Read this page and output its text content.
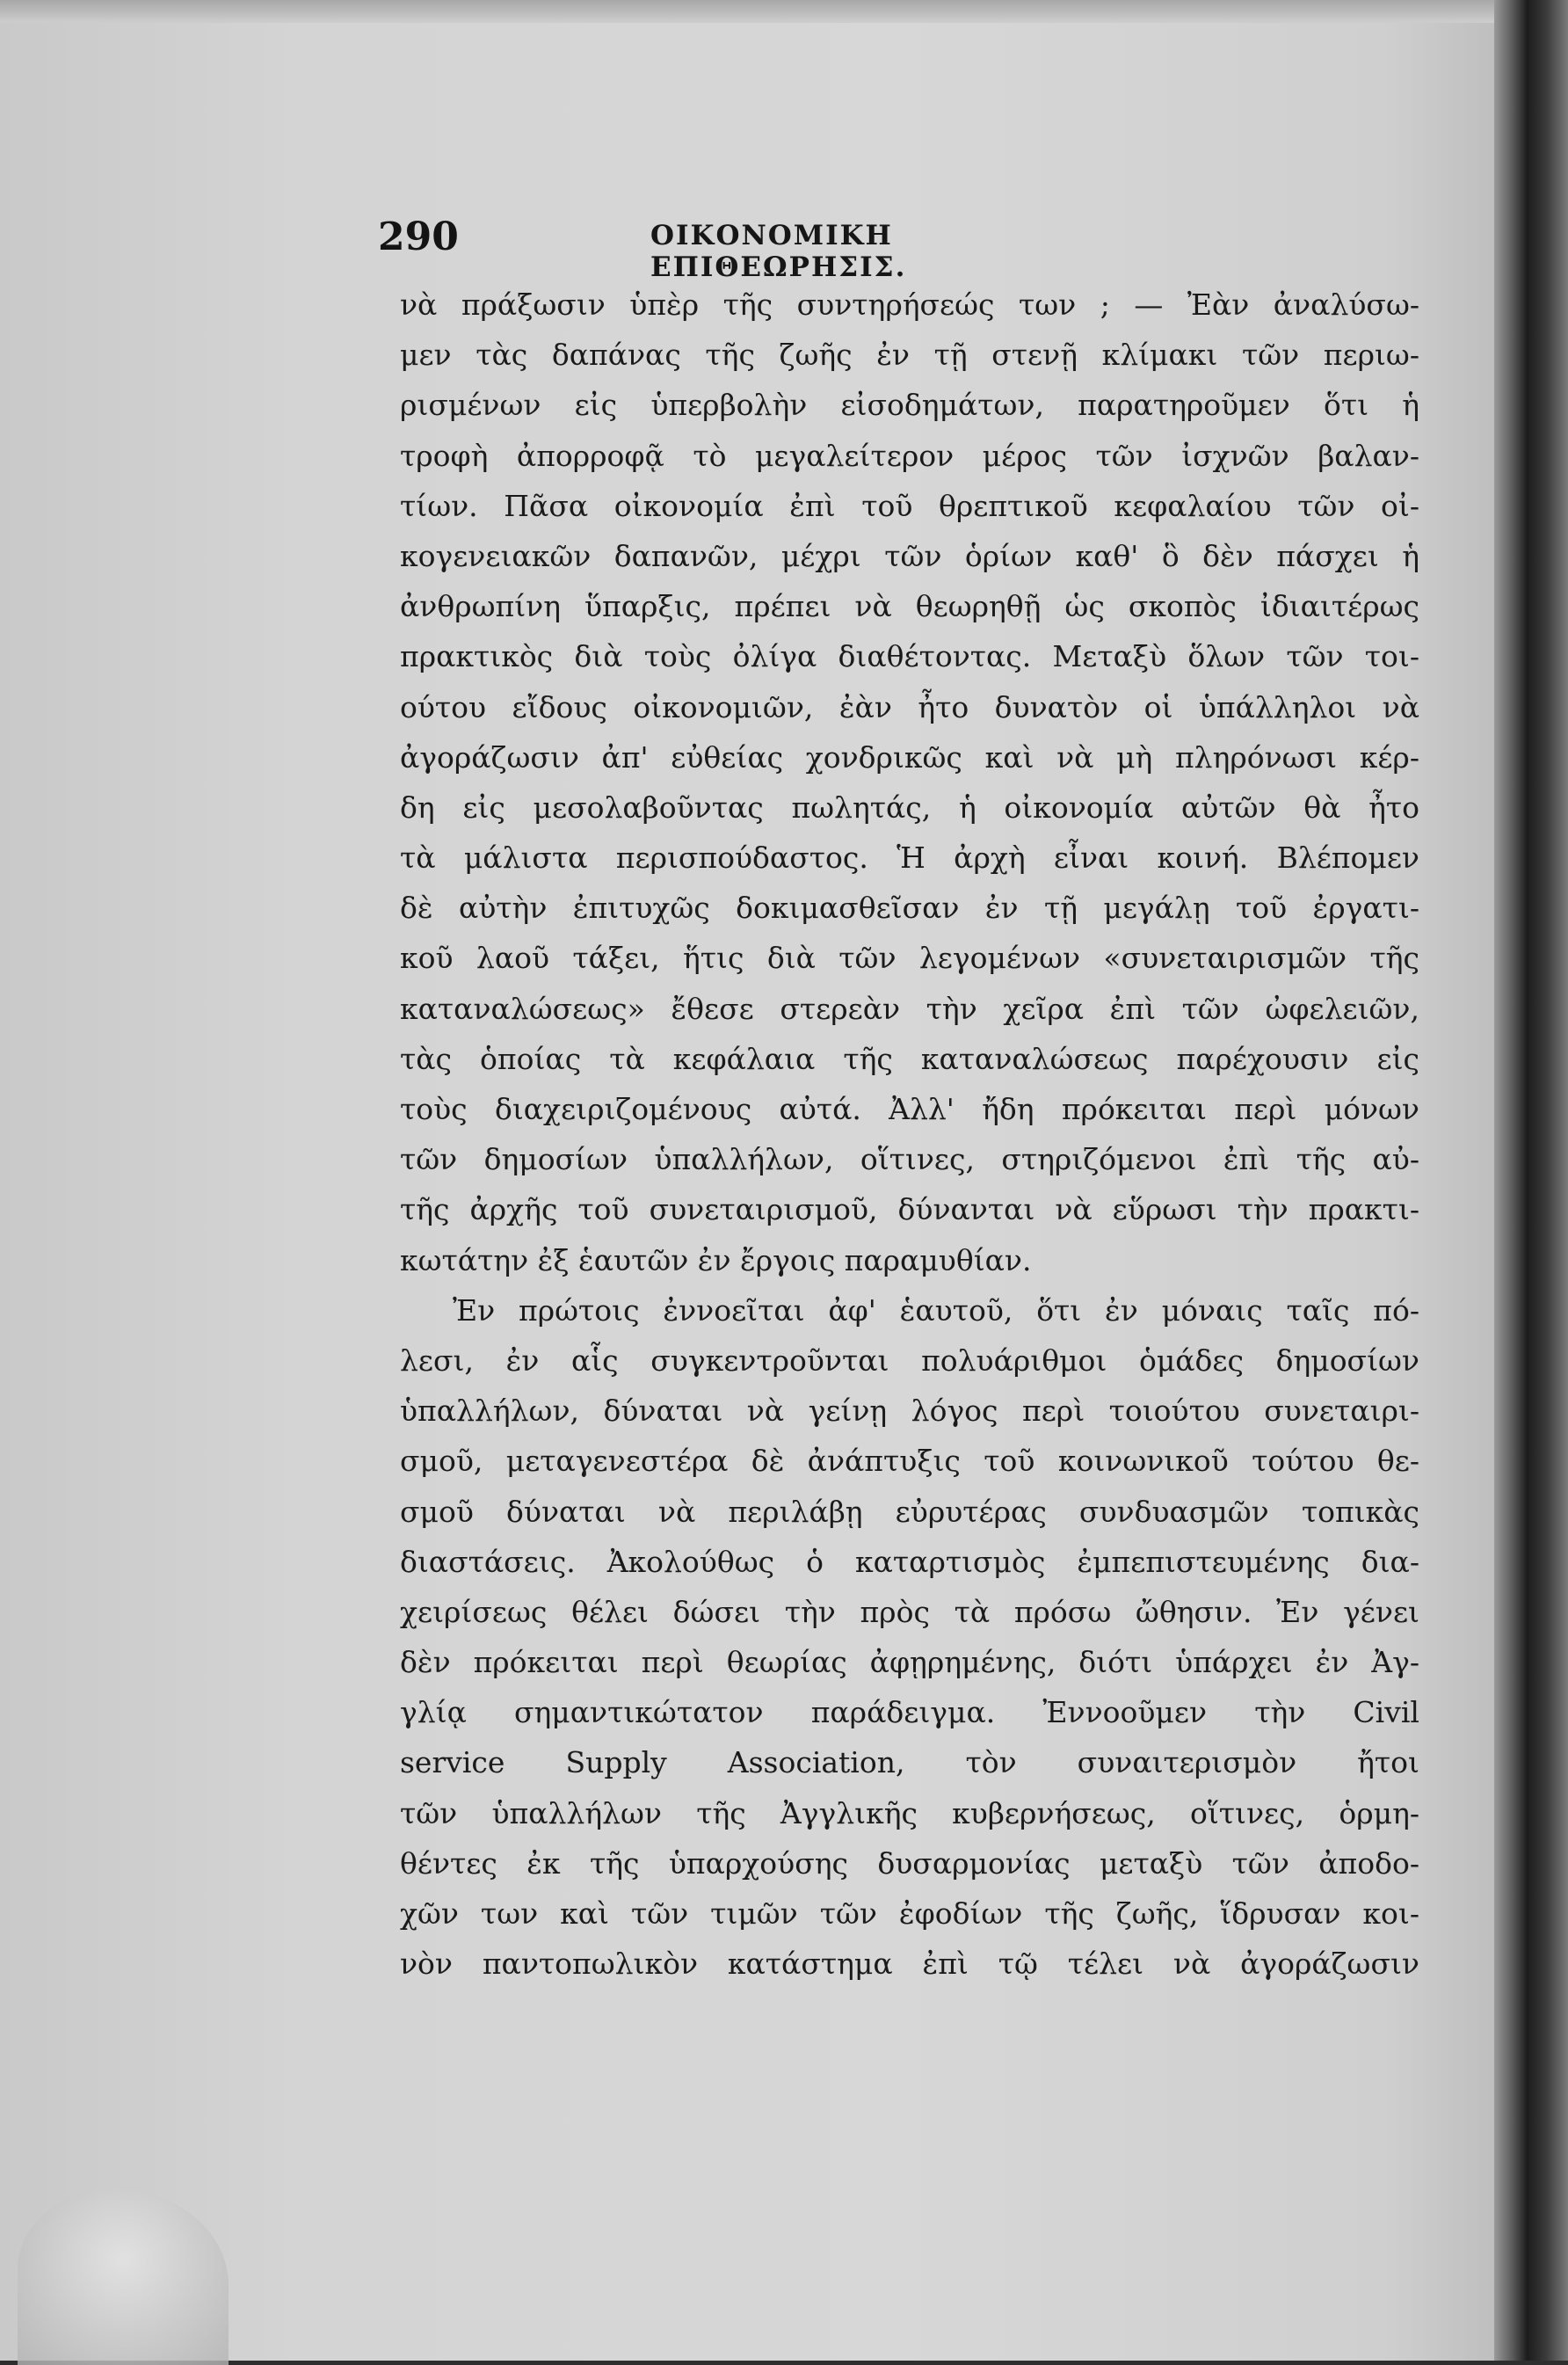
290	ΟΙΚΟΝΟΜΙΚΗ ΕΠΙΘΕΩΡΗΣΙΣ.
νὰ πράξωσιν ὑπὲρ τῆς συντηρήσεώς των ; — Ἐὰν ἀναλύσω-
μεν τὰς δαπάνας τῆς ζωῆς ἐν τῇ στενῇ κλίμακι τῶν περιω-
ρισμένων εἰς ὑπερβολὴν εἰσοδημάτων, παρατηροῦμεν ὅτι ἡ
τροφὴ ἀπορροφᾷ τὸ μεγαλείτερον μέρος τῶν ἰσχνῶν βαλαν-
τίων. Πᾶσα οἰκονομία ἐπὶ τοῦ θρεπτικοῦ κεφαλαίου τῶν οἰ-
κογενειακῶν δαπανῶν, μέχρι τῶν ὁρίων καθ' ὃ δὲν πάσχει ἡ
ἀνθρωπίνη ὕπαρξις, πρέπει νὰ θεωρηθῇ ὡς σκοπὸς ἰδιαιτέρως
πρακτικὸς διὰ τοὺς ὀλίγα διαθέτοντας. Μεταξὺ ὅλων τῶν τοι-
ούτου εἴδους οἰκονομιῶν, ἐὰν ἦτο δυνατὸν οἱ ὑπάλληλοι νὰ
ἀγοράζωσιν ἀπ' εὐθείας χονδρικῶς καὶ νὰ μὴ πληρόνωσι κέρ-
δη εἰς μεσολαβοῦντας πωλητάς, ἡ οἰκονομία αὐτῶν θὰ ἦτο
τὰ μάλιστα περισπούδαστος. Ἡ ἀρχὴ εἶναι κοινή. Βλέπομεν
δὲ αὐτὴν ἐπιτυχῶς δοκιμασθεῖσαν ἐν τῇ μεγάλῃ τοῦ ἐργατι-
κοῦ λαοῦ τάξει, ἥτις διὰ τῶν λεγομένων «συνεταιρισμῶν τῆς
καταναλώσεως» ἔθεσε στερεὰν τὴν χεῖρα ἐπὶ τῶν ὠφελειῶν,
τὰς ὁποίας τὰ κεφάλαια τῆς καταναλώσεως παρέχουσιν εἰς
τοὺς διαχειριζομένους αὐτά. Ἀλλ' ἤδη πρόκειται περὶ μόνων
τῶν δημοσίων ὑπαλλήλων, οἵτινες, στηριζόμενοι ἐπὶ τῆς αὐ-
τῆς ἀρχῆς τοῦ συνεταιρισμοῦ, δύνανται νὰ εὕρωσι τὴν πρακτι-
κωτάτην ἐξ ἑαυτῶν ἐν ἔργοις παραμυθίαν.
Ἐν πρώτοις ἐννοεῖται ἀφ' ἑαυτοῦ, ὅτι ἐν μόναις ταῖς πό-
λεσι, ἐν αἷς συγκεντροῦνται πολυάριθμοι ὁμάδες δημοσίων
ὑπαλλήλων, δύναται νὰ γείνῃ λόγος περὶ τοιούτου συνεταιρι-
σμοῦ, μεταγενεστέρα δὲ ἀνάπτυξις τοῦ κοινωνικοῦ τούτου θε-
σμοῦ δύναται νὰ περιλάβῃ εὐρυτέρας συνδυασμῶν τοπικὰς
διαστάσεις. Ἀκολούθως ὁ καταρτισμὸς ἐμπεπιστευμένης δια-
χειρίσεως θέλει δώσει τὴν πρὸς τὰ πρόσω ὤθησιν. Ἐν γένει
δὲν πρόκειται περὶ θεωρίας ἀφῃρημένης, διότι ὑπάρχει ἐν Ἀγ-
γλίᾳ σημαντικώτατον παράδειγμα. Ἐννοοῦμεν τὴν Civil
service Supply Association, τὸν συναιτερισμὸν ἤτοι
τῶν ὑπαλλήλων τῆς Ἀγγλικῆς κυβερνήσεως, οἵτινες, ὁρμη-
θέντες ἐκ τῆς ὑπαρχούσης δυσαρμονίας μεταξὺ τῶν ἀποδο-
χῶν των καὶ τῶν τιμῶν τῶν ἐφοδίων τῆς ζωῆς, ἵδρυσαν κοι-
νὸν παντοπωλικὸν κατάστημα ἐπὶ τῷ τέλει νὰ ἀγοράζωσιν
